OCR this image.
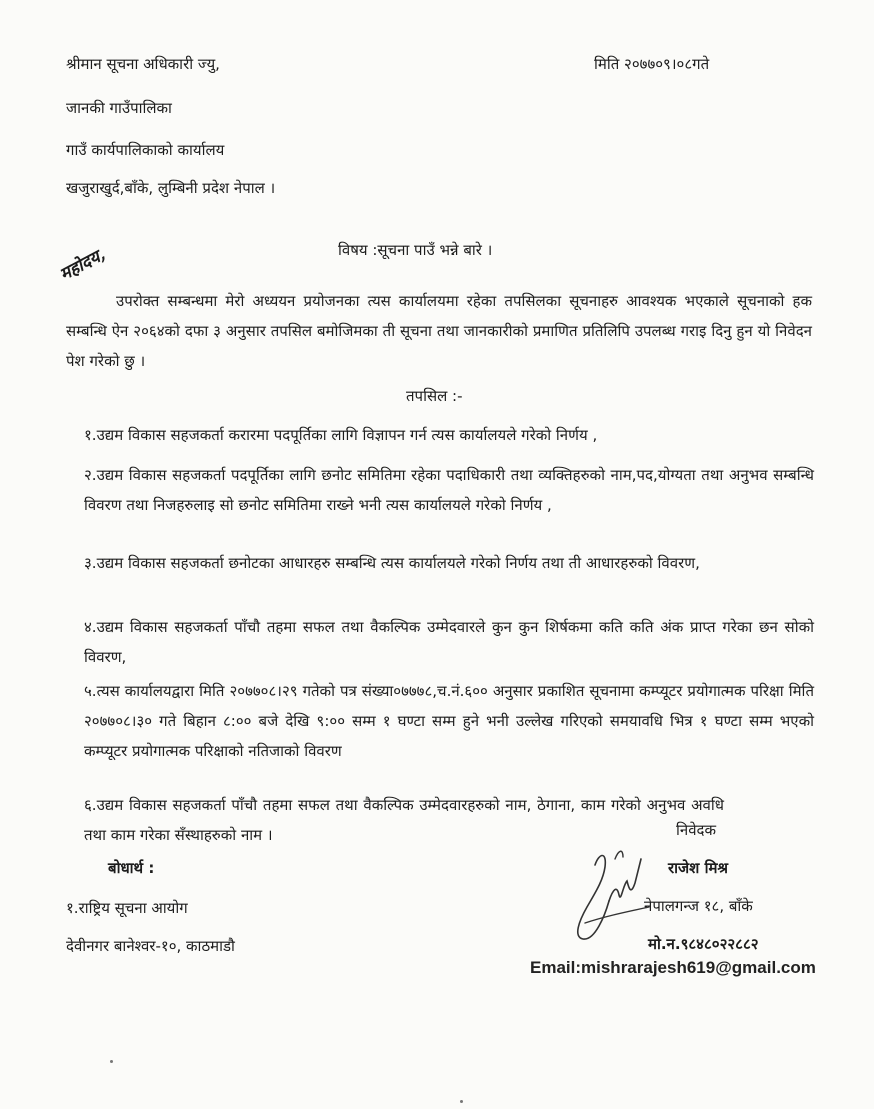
श्रीमान सूचना अधिकारी ज्यु,	मिति २०७७०९।०८गते
जानकी गाउँपालिका
गाउँ कार्यपालिकाको कार्यालय
खजुराखुर्द,बाँके, लुम्बिनी प्रदेश नेपाल ।
विषय :सूचना पाउँ भन्ने बारे ।
महोदय,
उपरोक्त सम्बन्धमा मेरो अध्ययन प्रयोजनका त्यस कार्यालयमा रहेका तपसिलका सूचनाहरु आवश्यक भएकाले सूचनाको हक सम्बन्धि ऐन २०६४को दफा ३ अनुसार तपसिल बमोजिमका ती सूचना तथा जानकारीको प्रमाणित प्रतिलिपि उपलब्ध गराइ दिनु हुन यो निवेदन पेश गरेको छु ।
तपसिल :-
१.उद्यम विकास सहजकर्ता करारमा पदपूर्तिका लागि विज्ञापन गर्न त्यस कार्यालयले गरेको निर्णय ,
२.उद्यम विकास सहजकर्ता पदपूर्तिका लागि छनोट समितिमा रहेका पदाधिकारी तथा व्यक्तिहरुको नाम,पद,योग्यता तथा अनुभव सम्बन्धि विवरण तथा निजहरुलाइ सो छनोट समितिमा राख्ने भनी त्यस कार्यालयले गरेको निर्णय ,
३.उद्यम विकास सहजकर्ता छनोटका आधारहरु सम्बन्धि त्यस कार्यालयले गरेको निर्णय तथा ती आधारहरुको विवरण,
४.उद्यम विकास सहजकर्ता पाँचौ तहमा सफल तथा वैकल्पिक उम्मेदवारले कुन कुन शिर्षकमा कति कति अंक प्राप्त गरेका छन सोको विवरण,
५.त्यस कार्यालयद्वारा मिति २०७७०८।२९ गतेको पत्र संख्या०७७७८,च.नं.६०० अनुसार प्रकाशित सूचनामा कम्प्यूटर प्रयोगात्मक परिक्षा मिति २०७७०८।३० गते बिहान ८:०० बजे देखि ९:०० सम्म १ घण्टा सम्म हुने भनी उल्लेख गरिएको समयावधि भित्र १ घण्टा सम्म भएको कम्प्यूटर प्रयोगात्मक परिक्षाको नतिजाको विवरण
६.उद्यम विकास सहजकर्ता पाँचौ तहमा सफल तथा वैकल्पिक उम्मेदवारहरुको नाम, ठेगाना, काम गरेको अनुभव अवधि तथा काम गरेका सँस्थाहरुको नाम ।	निवेदक
राजेश मिश्र
नेपालगन्ज १८, बाँके
मो.न.९८४८०२२८८२
Email:mishrarajesh619@gmail.com
बोधार्थ :
१.राष्ट्रिय सूचना आयोग
देवीनगर बानेश्वर-१०, काठमाडौ
